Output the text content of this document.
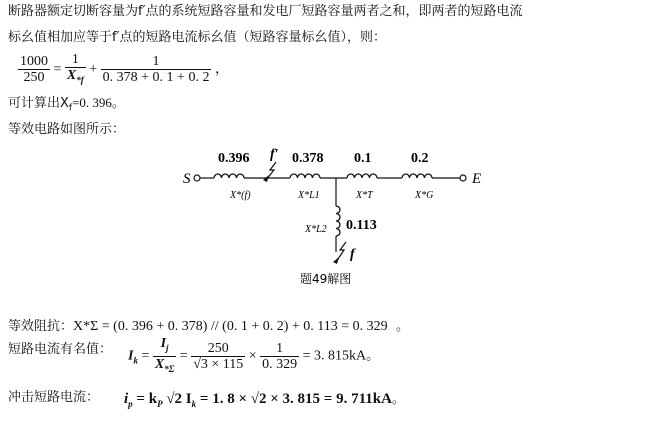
断路器额定切断容量为f′点的系统短路容量和发电厂短路容量两者之和，即两者的短路电流
标幺值相加应等于f′点的短路电流标幺值（短路容量标幺值），则：
$\frac{1000}{250} = \frac{1}{X_{*f}} + \frac{1}{0. 378 + 0. 1 + 0. 2}$ ，
可计算出$X_f=0$. 396。
等效电路如图所示：
S	E
f′
f
0.396	0.378 0.1	0.2
0.113
X*(f)	X*L1	X*T	X*G
X*L2
题49解图
等效阻抗：X*Σ = (0. 396 + 0. 378) // (0. 1 + 0. 2) + 0. 113 = 0. 329 。
短路电流有名值： $I_k = \frac{I_j}{X_{*\Sigma}} = \frac{250}{√3 \times 115} \times \frac{1}{0. 329} = 3$. 815kA。
冲击短路电流： $i_p = k_P$ √2 $I_k = 1$. 8 × √2 × 3. 815 = 9. 711kA。
